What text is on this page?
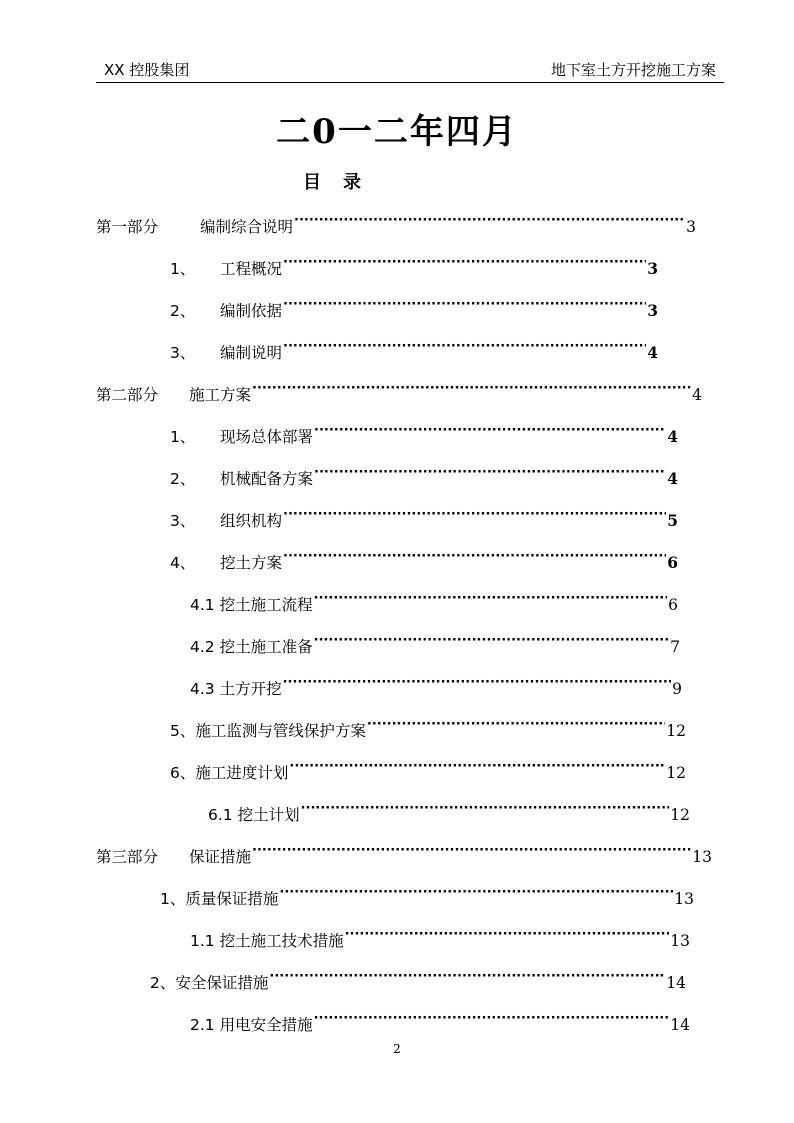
XX 控股集团	地下室土方开挖施工方案
二0一二年四月
目录
第一部分	编制综合说明 ·····	3
1、	工程概况 ·····	3
2、	编制依据 ·····	3
3、	编制说明 ·····	4
第二部分	施工方案 ·····	4
1、	现场总体部署 ·····	4
2、	机械配备方案 ·····	4
3、	组织机构 ·····	5
4、	挖土方案 ·····	6
4.1 挖土施工流程 ·····	6
4.2 挖土施工准备 ·····	7
4.3 土方开挖 ·····	9
5、施工监测与管线保护方案 ·····	12
6、施工进度计划 ·····	12
6.1 挖土计划 ·····	12
第三部分	保证措施 ·····	13
1、质量保证措施 ·····	13
1.1 挖土施工技术措施 ·····	13
2、安全保证措施 ·····	14
2.1 用电安全措施 ·····	14
2
